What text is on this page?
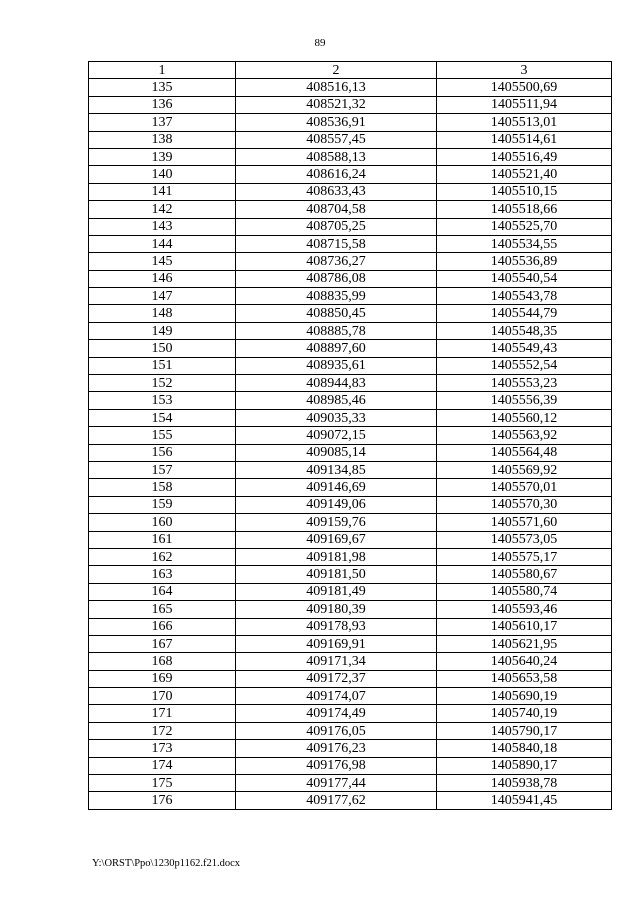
89
1	2	3
135	408516,13	1405500,69
136	408521,32	1405511,94
137	408536,91	1405513,01
138	408557,45	1405514,61
139	408588,13	1405516,49
140	408616,24	1405521,40
141	408633,43	1405510,15
142	408704,58	1405518,66
143	408705,25	1405525,70
144	408715,58	1405534,55
145	408736,27	1405536,89
146	408786,08	1405540,54
147	408835,99	1405543,78
148	408850,45	1405544,79
149	408885,78	1405548,35
150	408897,60	1405549,43
151	408935,61	1405552,54
152	408944,83	1405553,23
153	408985,46	1405556,39
154	409035,33	1405560,12
155	409072,15	1405563,92
156	409085,14	1405564,48
157	409134,85	1405569,92
158	409146,69	1405570,01
159	409149,06	1405570,30
160	409159,76	1405571,60
161	409169,67	1405573,05
162	409181,98	1405575,17
163	409181,50	1405580,67
164	409181,49	1405580,74
165	409180,39	1405593,46
166	409178,93	1405610,17
167	409169,91	1405621,95
168	409171,34	1405640,24
169	409172,37	1405653,58
170	409174,07	1405690,19
171	409174,49	1405740,19
172	409176,05	1405790,17
173	409176,23	1405840,18
174	409176,98	1405890,17
175	409177,44	1405938,78
176	409177,62	1405941,45
Y:\ORST\Ppo\1230p1162.f21.docx
